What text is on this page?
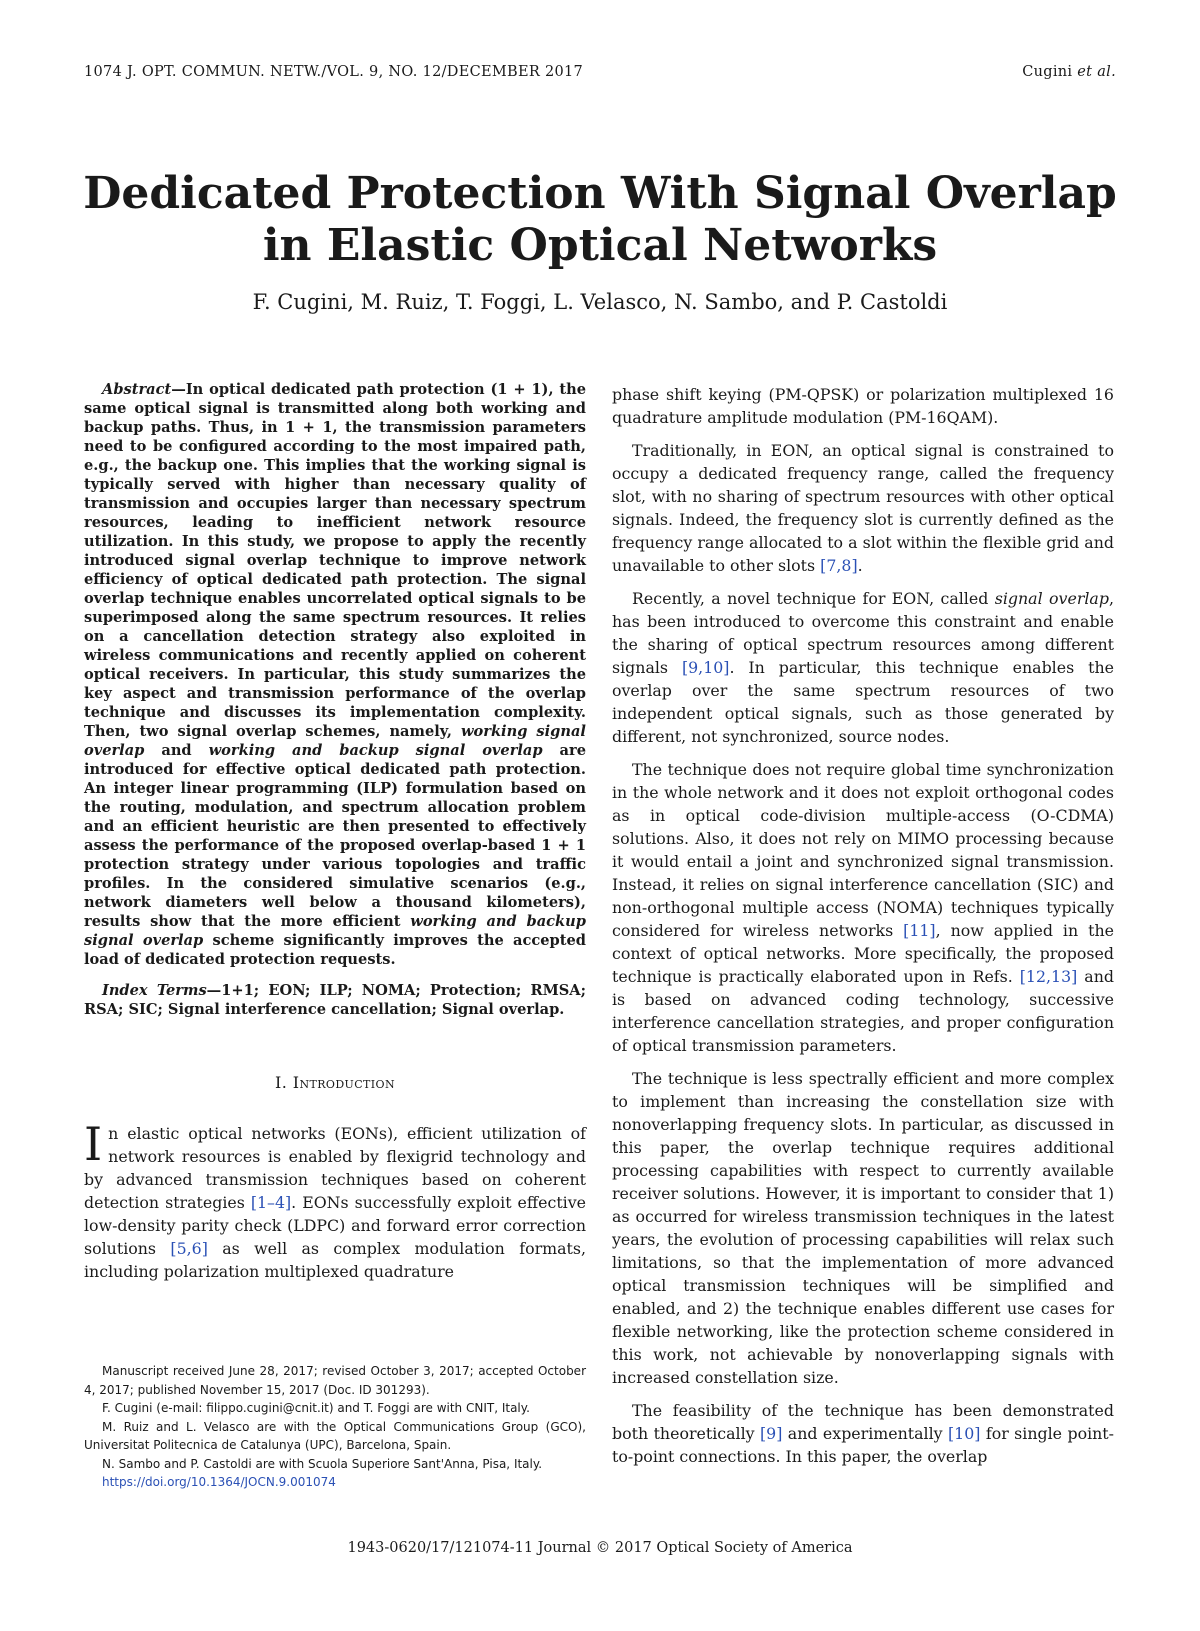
1074 J. OPT. COMMUN. NETW./VOL. 9, NO. 12/DECEMBER 2017	Cugini et al.
Dedicated Protection With Signal Overlap
in Elastic Optical Networks
F. Cugini, M. Ruiz, T. Foggi, L. Velasco, N. Sambo, and P. Castoldi

Abstract—In optical dedicated path protection (1 + 1), the same optical signal is transmitted along both working and backup paths. Thus, in 1 + 1, the transmission parameters need to be configured according to the most impaired path, e.g., the backup one. This implies that the working signal is typically served with higher than necessary quality of transmission and occupies larger than necessary spectrum resources, leading to inefficient network resource utilization. In this study, we propose to apply the recently introduced signal overlap technique to improve network efficiency of optical dedicated path protection. The signal overlap technique enables uncorrelated optical signals to be superimposed along the same spectrum resources. It relies on a cancellation detection strategy also exploited in wireless communications and recently applied on coherent optical receivers. In particular, this study summarizes the key aspect and transmission performance of the overlap technique and discusses its implementation complexity. Then, two signal overlap schemes, namely, working signal overlap and working and backup signal overlap are introduced for effective optical dedicated path protection. An integer linear programming (ILP) formulation based on the routing, modulation, and spectrum allocation problem and an efficient heuristic are then presented to effectively assess the performance of the proposed overlap-based 1 + 1 protection strategy under various topologies and traffic profiles. In the considered simulative scenarios (e.g., network diameters well below a thousand kilometers), results show that the more efficient working and backup signal overlap scheme significantly improves the accepted load of dedicated protection requests.

Index Terms—1+1; EON; ILP; NOMA; Protection; RMSA; RSA; SIC; Signal interference cancellation; Signal overlap.

I. Introduction

In elastic optical networks (EONs), efficient utilization of network resources is enabled by flexigrid technology and by advanced transmission techniques based on coherent detection strategies [1–4]. EONs successfully exploit effective low-density parity check (LDPC) and forward error correction solutions [5,6] as well as complex modulation formats, including polarization multiplexed quadrature

Manuscript received June 28, 2017; revised October 3, 2017; accepted October 4, 2017; published November 15, 2017 (Doc. ID 301293).

F. Cugini (e-mail: filippo.cugini@cnit.it) and T. Foggi are with CNIT, Italy.

M. Ruiz and L. Velasco are with the Optical Communications Group (GCO), Universitat Politecnica de Catalunya (UPC), Barcelona, Spain.

N. Sambo and P. Castoldi are with Scuola Superiore Sant'Anna, Pisa, Italy.

https://doi.org/10.1364/JOCN.9.001074

phase shift keying (PM-QPSK) or polarization multiplexed 16 quadrature amplitude modulation (PM-16QAM).

Traditionally, in EON, an optical signal is constrained to occupy a dedicated frequency range, called the frequency slot, with no sharing of spectrum resources with other optical signals. Indeed, the frequency slot is currently defined as the frequency range allocated to a slot within the flexible grid and unavailable to other slots [7,8].

Recently, a novel technique for EON, called signal overlap, has been introduced to overcome this constraint and enable the sharing of optical spectrum resources among different signals [9,10]. In particular, this technique enables the overlap over the same spectrum resources of two independent optical signals, such as those generated by different, not synchronized, source nodes.

The technique does not require global time synchronization in the whole network and it does not exploit orthogonal codes as in optical code-division multiple-access (O-CDMA) solutions. Also, it does not rely on MIMO processing because it would entail a joint and synchronized signal transmission. Instead, it relies on signal interference cancellation (SIC) and non-orthogonal multiple access (NOMA) techniques typically considered for wireless networks [11], now applied in the context of optical networks. More specifically, the proposed technique is practically elaborated upon in Refs. [12,13] and is based on advanced coding technology, successive interference cancellation strategies, and proper configuration of optical transmission parameters.

The technique is less spectrally efficient and more complex to implement than increasing the constellation size with nonoverlapping frequency slots. In particular, as discussed in this paper, the overlap technique requires additional processing capabilities with respect to currently available receiver solutions. However, it is important to consider that 1) as occurred for wireless transmission techniques in the latest years, the evolution of processing capabilities will relax such limitations, so that the implementation of more advanced optical transmission techniques will be simplified and enabled, and 2) the technique enables different use cases for flexible networking, like the protection scheme considered in this work, not achievable by nonoverlapping signals with increased constellation size.

The feasibility of the technique has been demonstrated both theoretically [9] and experimentally [10] for single point-to-point connections. In this paper, the overlap

1943-0620/17/121074-11 Journal © 2017 Optical Society of America
